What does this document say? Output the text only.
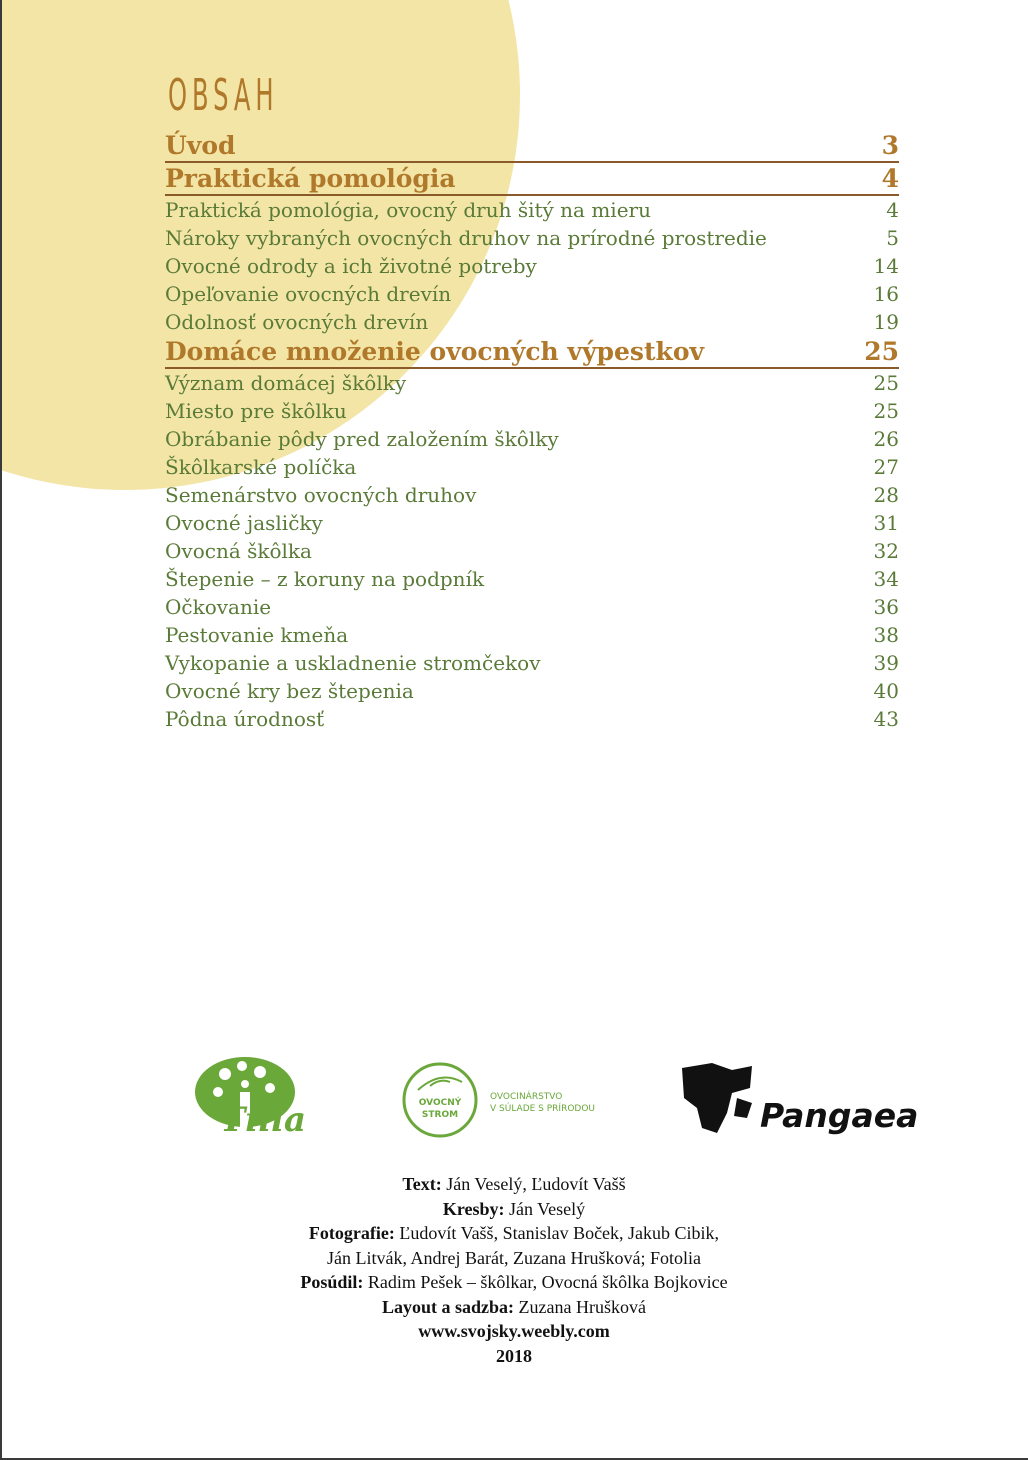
OBSAH
Úvod	3
Praktická pomológia	4
Praktická pomológia, ovocný druh šitý na mieru	4
Nároky vybraných ovocných druhov na prírodné prostredie	5
Ovocné odrody a ich životné potreby	14
Opeľovanie ovocných drevín	16
Odolnosť ovocných drevín	19
Domáce množenie ovocných výpestkov	25
Význam domácej škôlky	25
Miesto pre škôlku	25
Obrábanie pôdy pred založením škôlky	26
Škôlkarské políčka	27
Semenárstvo ovocných druhov	28
Ovocné jasličky	31
Ovocná škôlka	32
Štepenie – z koruny na podpník	34
Očkovanie	36
Pestovanie kmeňa	38
Vykopanie a uskladnenie stromčekov	39
Ovocné kry bez štepenia	40
Pôdna úrodnosť	43
Tilia	OVOCNÝ
STROM
OVOCINÁRSTVO
V SÚLADE S PRÍRODOU	Pangaea
Text: Ján Veselý, Ľudovít Vašš
Kresby: Ján Veselý
Fotografie: Ľudovít Vašš, Stanislav Boček, Jakub Cibik,
Ján Litvák, Andrej Barát, Zuzana Hrušková; Fotolia
Posúdil: Radim Pešek – škôlkar, Ovocná škôlka Bojkovice
Layout a sadzba: Zuzana Hrušková
www.svojsky.weebly.com
2018
